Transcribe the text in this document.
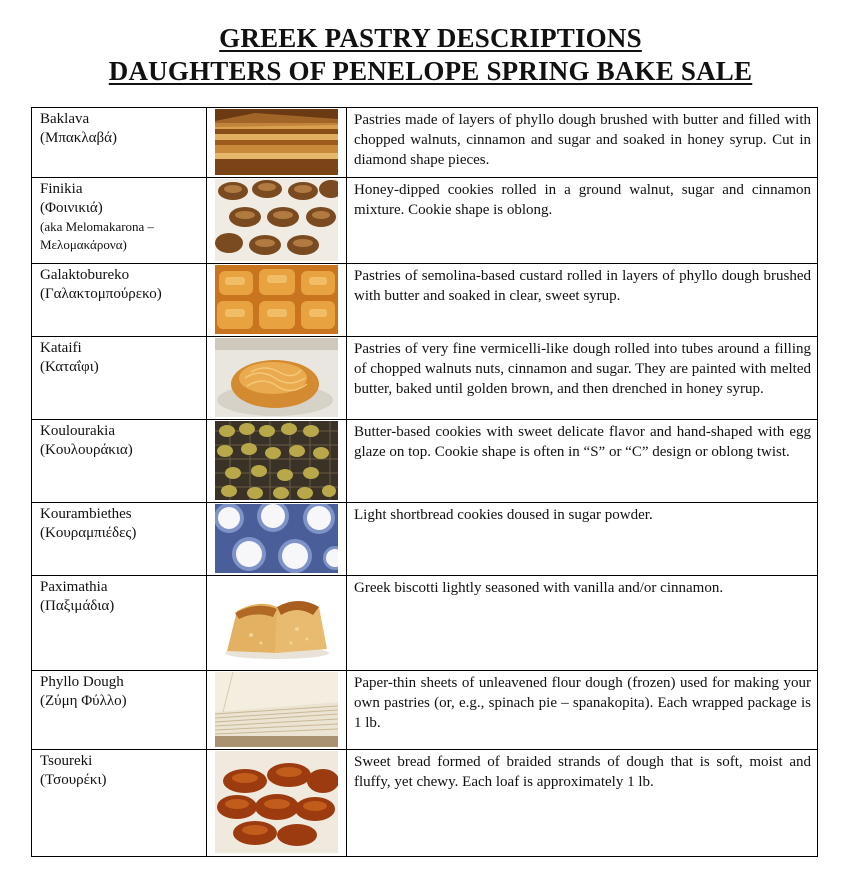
GREEK PASTRY DESCRIPTIONS
DAUGHTERS OF PENELOPE SPRING BAKE SALE
Baklava
(Μπακλαβά)		Pastries made of layers of phyllo dough brushed with butter and filled with chopped walnuts, cinnamon and sugar and soaked in honey syrup. Cut in diamond shape pieces.

Finikia
(Φοινικιά)
(aka Melomakarona – Μελομακάρονα)		Honey-dipped cookies rolled in a ground walnut, sugar and cinnamon mixture. Cookie shape is oblong.

Galaktobureko
(Γαλακτομπούρεκο)		Pastries of semolina-based custard rolled in layers of phyllo dough brushed with butter and soaked in clear, sweet syrup.

Kataifi
(Καταΐφι)		Pastries of very fine vermicelli-like dough rolled into tubes around a filling of chopped walnuts nuts, cinnamon and sugar. They are painted with melted butter, baked until golden brown, and then drenched in honey syrup.

Koulourakia
(Κουλουράκια)		Butter-based cookies with sweet delicate flavor and hand-shaped with egg glaze on top. Cookie shape is often in “S” or “C” design or oblong twist.

Kourambiethes
(Κουραμπιέδες)		Light shortbread cookies doused in sugar powder.

Paximathia
(Παξιμάδια)		Greek biscotti lightly seasoned with vanilla and/or cinnamon.

Phyllo Dough
(Ζύμη Φύλλο)		Paper-thin sheets of unleavened flour dough (frozen) used for making your own pastries (or, e.g., spinach pie – spanakopita). Each wrapped package is 1 lb.

Tsoureki
(Τσουρέκι)		Sweet bread formed of braided strands of dough that is soft, moist and fluffy, yet chewy. Each loaf is approximately 1 lb.
